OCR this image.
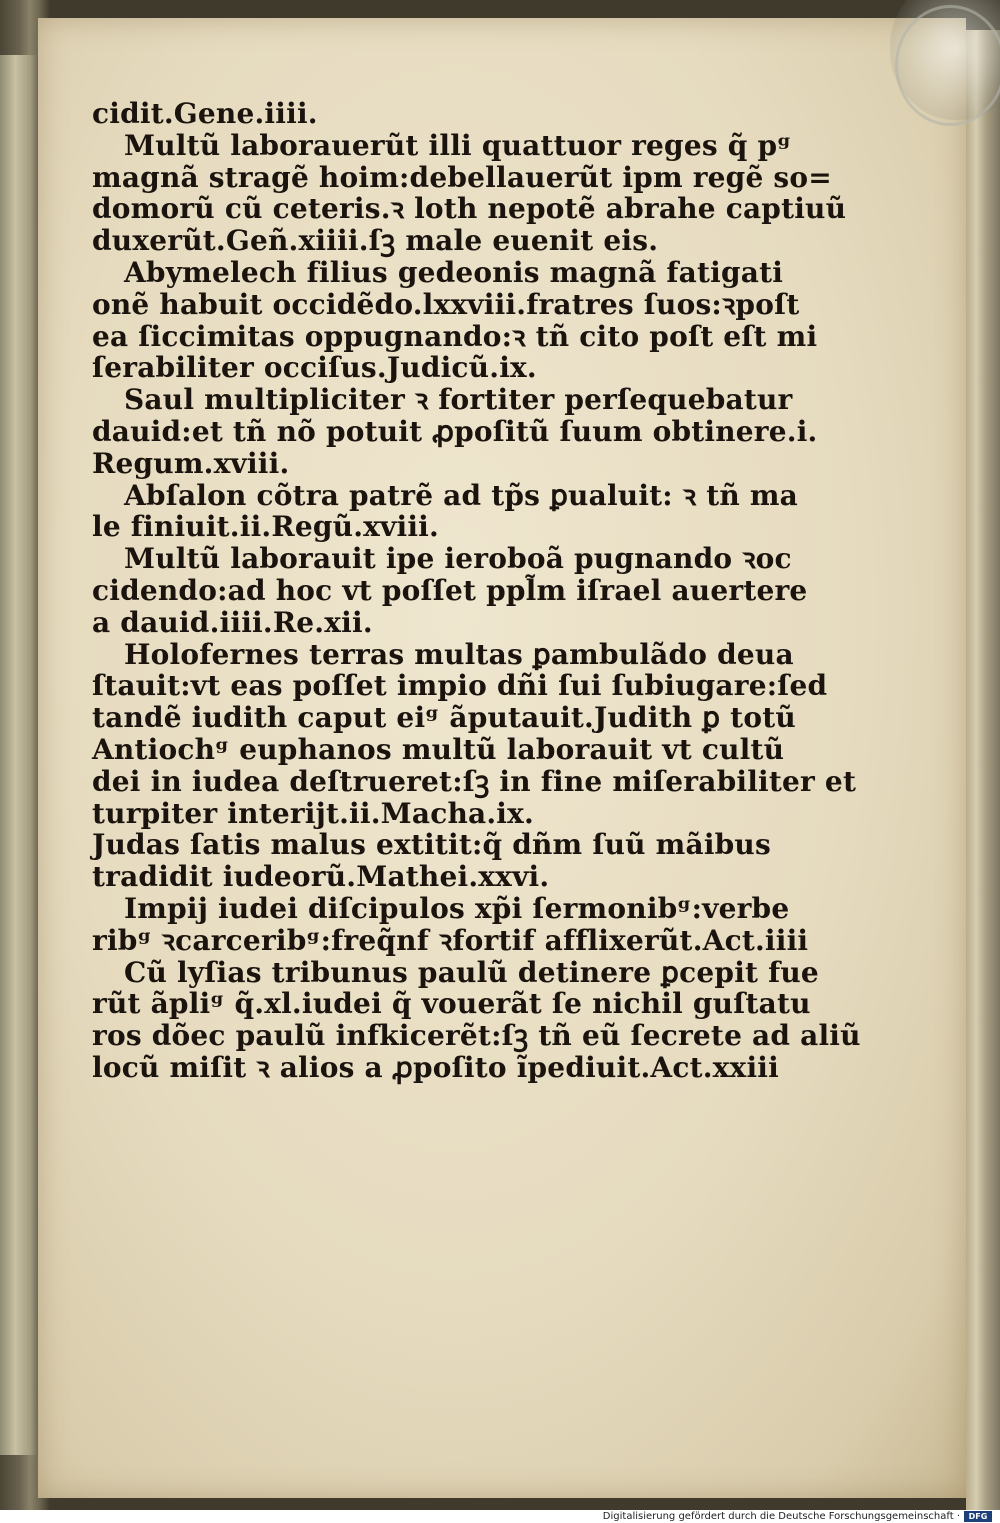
cidit.Gene.iiii.
Multũ laborauerũt illi quattuor reges q̃ pᵍ
magnã stragẽ hoim:debellauerũt ipm regẽ so=
domorũ cũ ceteris.ꝛ loth nepotẽ abrahe captiuũ
duxerũt.Geñ.xiiii.ſꝫ male euenit eis.
Abymelech filius gedeonis magnã fatigati
onẽ habuit occidẽdo.lxxviii.fratres ſuos:ꝛpoſt
ea ſiccimitas oppugnando:ꝛ tñ cito poſt eſt mi
ſerabiliter occiſus.Judicũ.ix.
Saul multipliciter ꝛ fortiter perſequebatur
dauid:et tñ nõ potuit ꝓpoſitũ ſuum obtinere.i.
Regum.xviii.
Abſalon cõtra patrẽ ad tp̃s ꝑualuit: ꝛ tñ ma
le finiuit.ii.Regũ.xviii.
Multũ laborauit ipe ieroboã pugnando ꝛoc
cidendo:ad hoc vt poſſet ppl̃m iſrael auertere
a dauid.iiii.Re.xii.
Holofernes terras multas ꝑambulãdo deua
ſtauit:vt eas poſſet impio dñi ſui ſubiugare:ſed
tandẽ iudith caput eiᵍ ãputauit.Judith ꝑ totũ
Antiochᵍ euphanos multũ laborauit vt cultũ
dei in iudea deſtrueret:ſꝫ in fine miſerabiliter et
turpiter interijt.ii.Macha.ix.
Judas ſatis malus extitit:q̃ dñm ſuũ mãibus
tradidit iudeorũ.Mathei.xxvi.
Impij iudei diſcipulos xp̃i ſermonibᵍ:verbe
ribᵍ ꝛcarceribᵍ:freq̃nf ꝛfortif afflixerũt.Act.iiii
Cũ lyſias tribunus paulũ detinere ꝑcepit fue
rũt ãpliᵍ q̃.xl.iudei q̃ vouerãt ſe nichil guſtatu
ros dõec paulũ infkicerẽt:ſꝫ tñ eũ ſecrete ad aliũ
locũ miſit ꝛ alios a ꝓpoſito ĩpediuit.Act.xxiii
Digitalisierung gefördert durch die Deutsche Forschungsgemeinschaft ·	DFG
